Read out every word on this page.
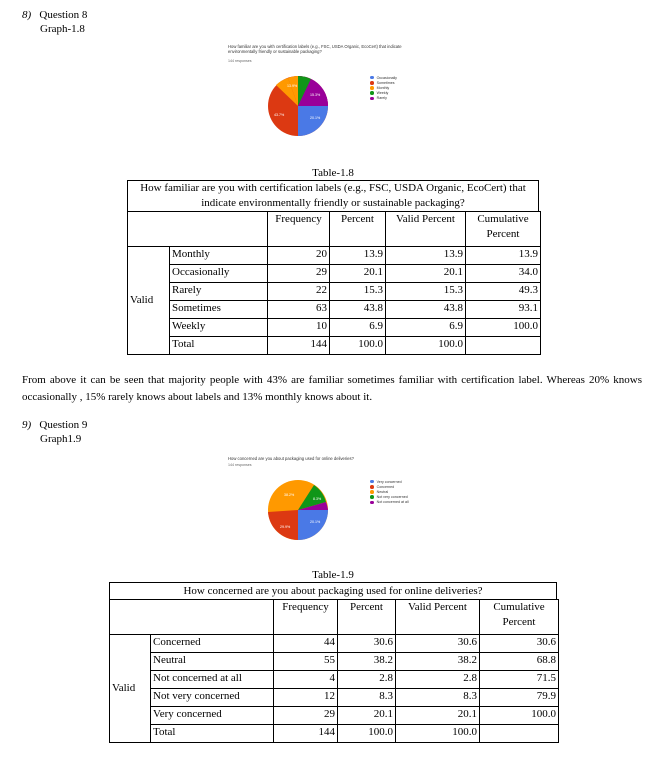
8) Question 8
Graph-1.8
How familiar are you with certification labels (e.g., FSC, USDA Organic, EcoCert) that indicate
environmentally friendly or sustainable packaging?
144 responses
13.9%
15.3%
20.1%
43.7%
Occasionally
Sometimes
Monthly
Weekly
Rarely
Table-1.8
How familiar are you with certification labels (e.g., FSC, USDA Organic, EcoCert) that indicate environmentally friendly or sustainable packaging?
		Frequency	Percent	Valid Percent	Cumulative Percent
Valid	Monthly	20	13.9	13.9	13.9
	Occasionally	29	20.1	20.1	34.0
	Rarely	22	15.3	15.3	49.3
	Sometimes	63	43.8	43.8	93.1
	Weekly	10	6.9	6.9	100.0
	Total	144	100.0	100.0	
From above it can be seen that majority people with 43% are familiar sometimes familiar with certification label. Whereas 20% knows occasionally , 15% rarely knows about labels and 13% monthly knows about it.
9) Question 9
Graph1.9
How concerned are you about packaging used for online deliveries?
144 responses
38.2%
8.3%
20.1%
29.9%
Very concerned
Concerned
Neutral
Not very concerned
Not concerned at all
Table-1.9
How concerned are you about packaging used for online deliveries?
		Frequency	Percent	Valid Percent	Cumulative Percent
Valid	Concerned	44	30.6	30.6	30.6
	Neutral	55	38.2	38.2	68.8
	Not concerned at all	4	2.8	2.8	71.5
	Not very concerned	12	8.3	8.3	79.9
	Very concerned	29	20.1	20.1	100.0
	Total	144	100.0	100.0	
